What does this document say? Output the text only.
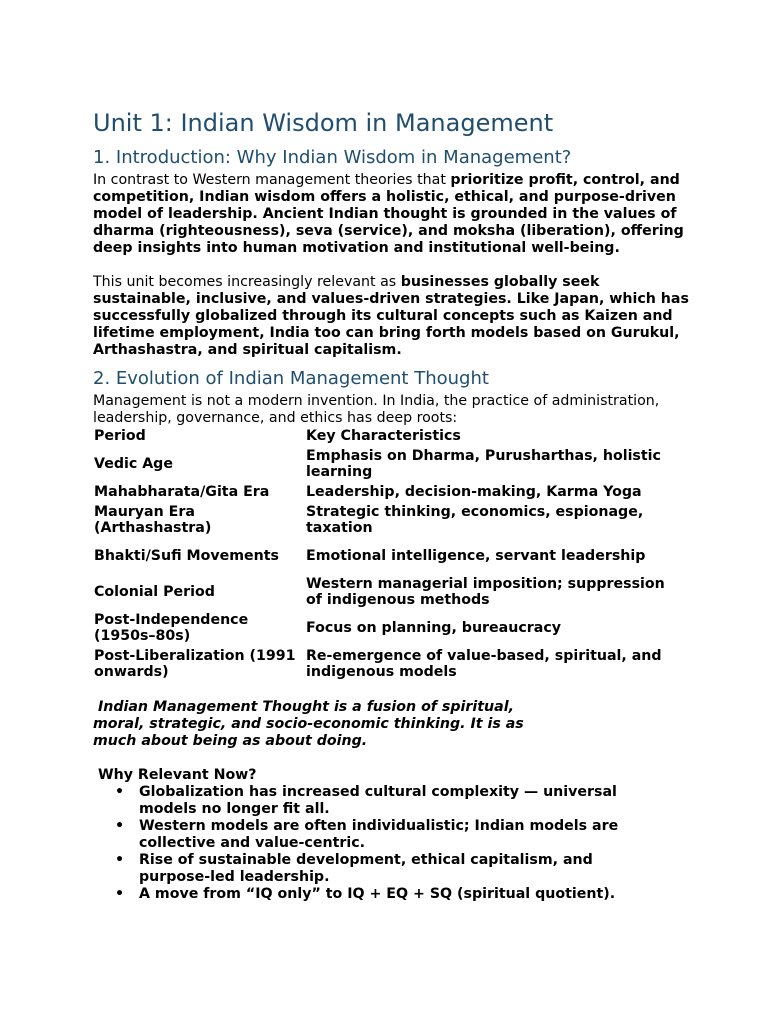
Unit 1: Indian Wisdom in Management
1. Introduction: Why Indian Wisdom in Management?

In contrast to Western management theories that prioritize profit, control, and competition, Indian wisdom offers a holistic, ethical, and purpose-driven model of leadership. Ancient Indian thought is grounded in the values of dharma (righteousness), seva (service), and moksha (liberation), offering deep insights into human motivation and institutional well-being.

This unit becomes increasingly relevant as businesses globally seek sustainable, inclusive, and values-driven strategies. Like Japan, which has successfully globalized through its cultural concepts such as Kaizen and lifetime employment, India too can bring forth models based on Gurukul, Arthashastra, and spiritual capitalism.

2. Evolution of Indian Management Thought

Management is not a modern invention. In India, the practice of administration, leadership, governance, and ethics has deep roots:

Period	Key Characteristics
Vedic Age	Emphasis on Dharma, Purusharthas, holistic learning
Mahabharata/Gita Era	Leadership, decision-making, Karma Yoga
Mauryan Era (Arthashastra)	Strategic thinking, economics, espionage, taxation
Bhakti/Sufi Movements	Emotional intelligence, servant leadership
Colonial Period	Western managerial imposition; suppression of indigenous methods
Post-Independence (1950s–80s)	Focus on planning, bureaucracy
Post-Liberalization (1991 onwards)	Re-emergence of value-based, spiritual, and indigenous models

Indian Management Thought is a fusion of spiritual, moral, strategic, and socio-economic thinking. It is as much about being as about doing.

Why Relevant Now?

• Globalization has increased cultural complexity — universal models no longer fit all.
• Western models are often individualistic; Indian models are collective and value-centric.
• Rise of sustainable development, ethical capitalism, and purpose-led leadership.
• A move from “IQ only” to IQ + EQ + SQ (spiritual quotient).
